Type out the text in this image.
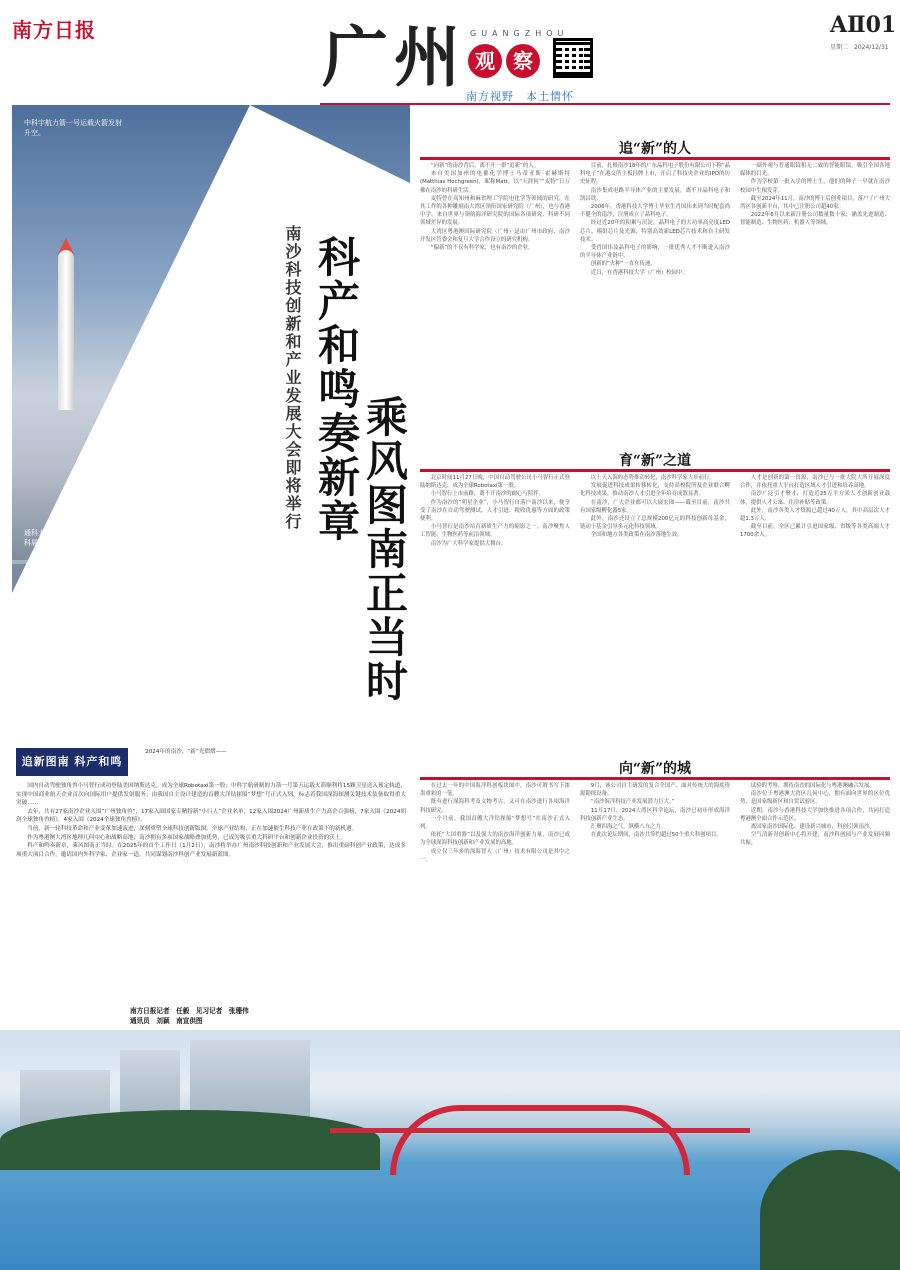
南方日报	广州 GUANGZHOU
观 察
南方视野　本土情怀
AⅡ01
星期二　2024/12/31
中科宇航力箭一号运载火箭发射升空。
通科大(广州)创科展年华。
梦想号大洋钻探船靠航试动。
科产和鸣奏新章
乘风图南正当时
南沙科技创新和产业发展大会即将举行
追“新”的人

“向新”的南沙背后，离不开一群“追新”的人。

来自美国加州的电催化学博士马蒂亚斯·霍赫斯特(Matthias Hochgreen)，昵称Matt，以“天涯何”“麦特”日万佛在南沙的科研生活。

麦特曾在高知州和麻省理工学院电化学等领域的研究，在其工作的各种雕刻南大湾区领衔国家研究院（广州），也与香港中学，来自世界与领航海洋研究院的国际各项研究、科研不同领域差异的发展。

大湾区粤港澳国际研究院（广州）是由广州市政府、南沙开发区管委会和复旦大学合作设立的研究机构。

“偏新”的不仅有科学家，也有南沙的企业。

目前，扎根南沙18年的广东晶科电子股份有限公司下称“晶科电子”在港交所主板挂牌上市，开启了科技央企业的IPO的历史征程。

南沙集成电路半导体产业的主要发展，离不开晶科电子和凯昌铁。

2006年，香港科技大学博士毕业生肖国伟来到当时配套尚不健全的南沙，注册成立了晶科电子。

经过近20年的积累与沉淀，晶科电子的大功率高亮度LED芯片、模组芯片及光源，特别高效新LED芯片技术和自主研发技术。

受肖国伟及晶科电子的影响，一批优秀人才不断进入南沙的半导体产业链中。

创新的“火种”一直在传递。

近日，在香港科技大学（广州）校园中。

一副外观与普通眼镜相无二致的智能眼镜，吸引全国各地媒体的目光。

作为学校第一批入学的博士生，他们的种子一早就在南沙校园中生根发芽。

截至2024年11月，南沙的博士后创业项目，落户了广州大湾区各创新平台，其中已注册公司超40家。

2022年6月以来新注册公司数量数十家，涵盖先进制造、智能制造、生物医药、机器人等领域。

育“新”之道

北京时间11月27日晚，中国自动驾驶公司小马智行正式登陆纳斯达克，成为全球Robotaxi第一股。

小马智行上市前路，离不开南沙的耐心与陪伴。

作为南沙的“明星企业”，小马智行自落户南沙以来，便享受了南沙在自动驾驶测试、人才引进、税收优惠等方面的政策便利。

小马智行是南沙培育新质生产力的缩影之一。南沙聚焦人工智能、生物医药等前沿领域。

南沙为广大科学家提供大舞台。

以上天入海的态势推动转化，南沙科学家大步前行。

发展促进科技成果转移转化，支持高校院所及企业联合孵化科技成果，推动南沙人才引进全年培育成效显著。

在南沙，广大企业都可以大展宏图——截至目前，南沙共有国家级孵化器5家。

此外，南沙还设立了总规模200亿元的科技创新母基金，链动于基金引导多元化科技领域。

全国和地方各类政策在南沙落地生效。

人才是创新的第一资源，南沙已与一批大院大所开展深度合作，并依托重大平台打造区域人才引进和培养高地。

南沙广泛引才聚才，打造近25万平方米人才创新创业载体，提供人才公寓、住房补贴等政策。

此外，南沙各类人才资源已超过40万人，其中高层次人才超1.3万人。

截至目前，全区已累计引进国家级、省级等各类高端人才1700余人。

向“新”的城

在过去一年的中国海洋科创板块图中，南沙可谓书写下浓墨重彩的一笔。

既有进行深海科考及文物考古，又可在南沙进行各项海洋科技研究。

一个月前，我国首艘大洋钻探船“梦想号”在南沙正式入列。

依托“大国重器”以及强大的南沙海洋创新力量，南沙已成为全球深海科技创新和产业发展的高地。

成立仅三年多的深海智人（广州）技术有限公司是其中之一。

9月，该公司自主研发的复合全国产、面对传统大的海底资源勘探设备。

“南沙海洋科技产业发展潜力巨大。”

11月17日，2024大湾区科学论坛，南沙已初步形成海洋科技创新产业生态。

汇聚四海之气，纵横八方之力。

在此次论坛期间，南沙共签约超过50个重大科创项目。

试验的考察、期待南沙的国际化与粤港澳融合发展。

南沙位于粤港澳大湾区几何中心，拥有面向世界的区位优势，是国家级新区和自贸试验区。

近期，南沙与香港科技大学加快推进各项合作，共同打造粤港澳全面合作示范区。

离国家南沙国际化、建设新兴城市、科创引领南沙。

空气清新青创新中心将开建，南沙科创园与产业发展同频共振。

追新图南 科产和鸣

2024年的南沙，“新”光熠熠——

国内自动驾驶独角兽小马智行成功登陆美国纳斯达克，成为全球Robotaxi第一股；中科宇航研制的力箭一号第五运载火箭顺利将15颗卫星送入预定轨道，实现中国商业航天企业首次向国际用户提供发射服务；由我国自主设计建造的首艘大洋钻探船“梦想”号正式入列，标志着我国深海探测关键技术装备取得重大突破……

去年，共有27家南沙企业入围“广州独角兽”，17家入围国家专精特新“小巨人”企业名单，12家入围2024广州新质生产力高企百强榜，7家入围《2024胡润全球独角兽榜》，4家入围《2024全球独角兽榜》。

当前，新一轮科技革命和产业变革加速演进，深刻重塑全球科技创新版图、全球产业结构，正在加速催生科技产业在政策下的新机遇。

作为粤港澳大湾区地理几何中心和战略高地，南沙拥有多项国家战略叠加优势，已成为吸引重大科研平台和创新企业投资的沃土。

科产和鸣奏新章，乘风图南正当时。在2025年的首个工作日（1月2日），南沙将举办广州南沙科技创新和产业发展大会，推出重磅科创产业政策，达成多项重大项目合作，邀请国内外科学家、企业家一道，共同谋划南沙科创产业发展新蓝图。

南方日报记者　任毅　见习记者　张珊伟
通讯员　刘颖　南宣供图
